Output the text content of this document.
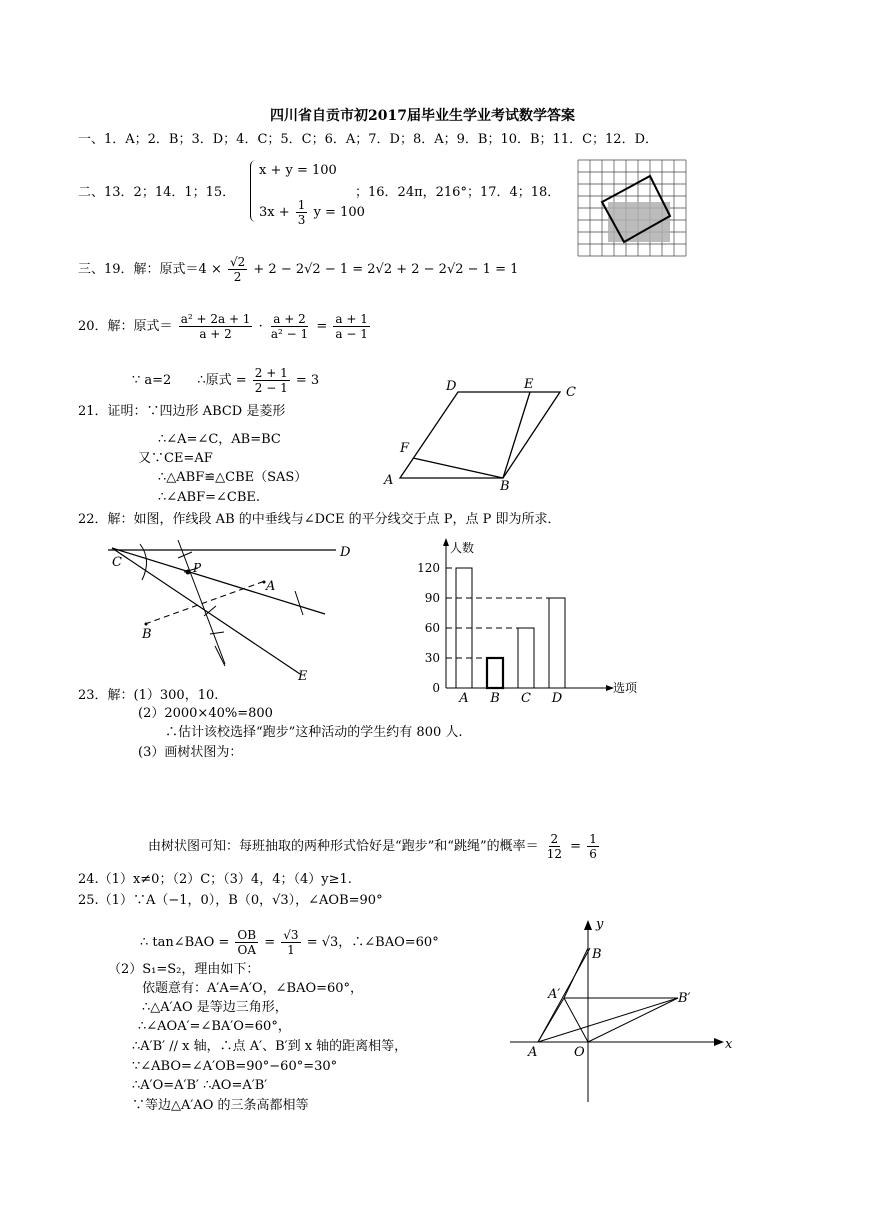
四川省自贡市初2017届毕业生学业考试数学答案
一、1．A；2．B；3．D；4．C；5．C；6．A；7．D；8．A；9．B；10．B；11．C；12．D．
二、13．2；14．1；15．
x + y = 100
$3x + \frac{1}{3}$ y = 100
；16．24π，216°；17．4；18．
三、19．解：原式$=4 \times \frac{√2}{2} + 2 - 2√2 - 1 = 2√2 + 2 - 2√2 - 1 = 1$
20．解：原式＝ $\frac{\text{a² + 2a + 1}}{a + 2} \cdot \frac{a + 2}{\text{a² − 1}} = \frac{a + 1}{a - 1}$
∵ a=2　　∴原式 = $\frac{2 + 1}{2 - 1} = 3$
21．证明：∵四边形 ABCD 是菱形
∴∠A=∠C，AB=BC
又∵CE=AF
∴△ABF≌△CBE（SAS）
∴∠ABF=∠CBE.
D	E
C
F
A	B
22．解：如图，作线段 AB 的中垂线与∠DCE 的平分线交于点 P，点 P 即为所求．
C
D
P
A
B
E
人数
选项
0
30
60
90
120
A B C D
23．解：(1）300，10.
(2）2000×40%=800
∴估计该校选择“跑步”这种活动的学生约有 800 人.
(3）画树状图为：
由树状图可知：每班抽取的两种形式恰好是“跑步”和“跳绳”的概率＝ $\frac{2}{12} = \frac{1}{6}$
24.（1）x≠0；（2）C；（3）4，4；（4）y≥1.
25.（1）∵A（−1，0），B（0，√3），∠AOB=90°
∴ tan∠BAO = $\frac{OB}{OA} = \frac{√3}{1} = √3$，∴∠BAO=60°
（2）S₁=S₂，理由如下：
依题意有：A′A=A′O，∠BAO=60°，
∴△A′AO 是等边三角形，
∴∠AOA′=∠BA′O=60°，
∴A′B′ // x 轴，∴点 A′、B′到 x 轴的距离相等，
∵∠ABO=∠A′OB=90°−60°=30°
∴A′O=A′B′ ∴AO=A′B′
∵等边△A′AO 的三条高都相等
y
B
A′	B′
x
A	O
